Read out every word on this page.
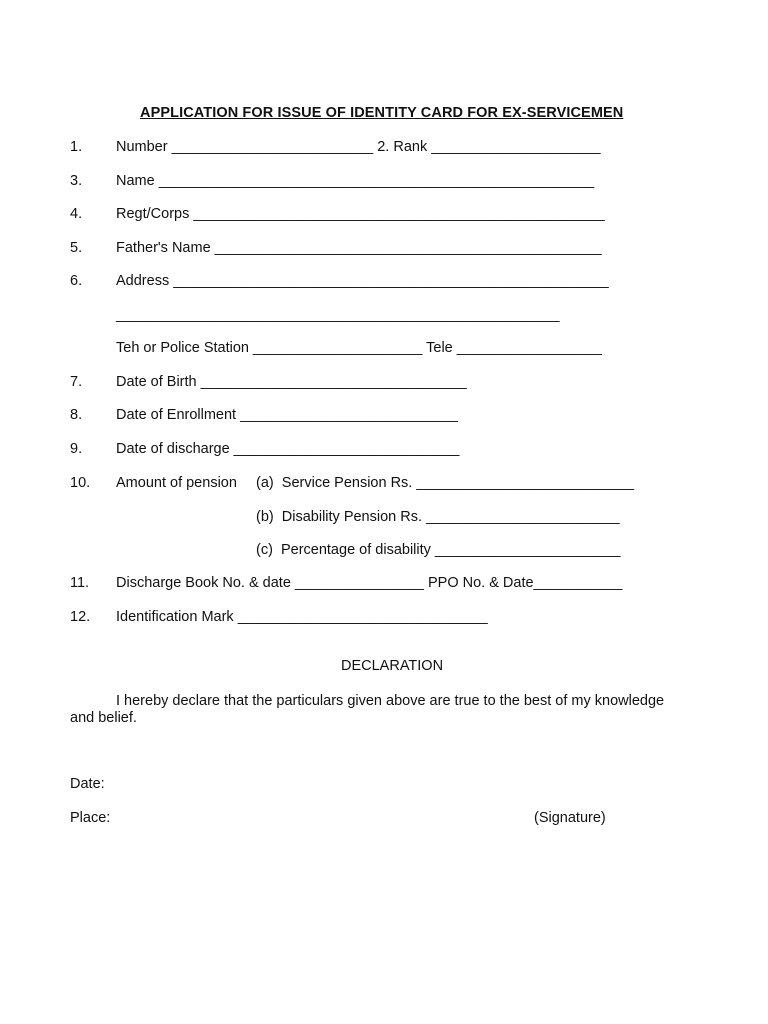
APPLICATION FOR ISSUE OF IDENTITY CARD FOR EX-SERVICEMEN
1. Number _________________________ 2. Rank _____________________
3. Name ______________________________________________________
4. Regt/Corps ___________________________________________________
5. Father's Name ________________________________________________
6. Address ______________________________________________________
_______________________________________________________
Teh or Police Station _____________________ Tele __________________
7. Date of Birth _________________________________
8. Date of Enrollment ___________________________
9. Date of discharge ____________________________
10. Amount of pension (a)  Service Pension Rs. ___________________________
(b)  Disability Pension Rs. ________________________
(c)  Percentage of disability _______________________
11. Discharge Book No. & date ________________ PPO No. & Date___________
12. Identification Mark _______________________________
DECLARATION
I hereby declare that the particulars given above are true to the best of my knowledge
and belief.
Date:
Place:	(Signature)
